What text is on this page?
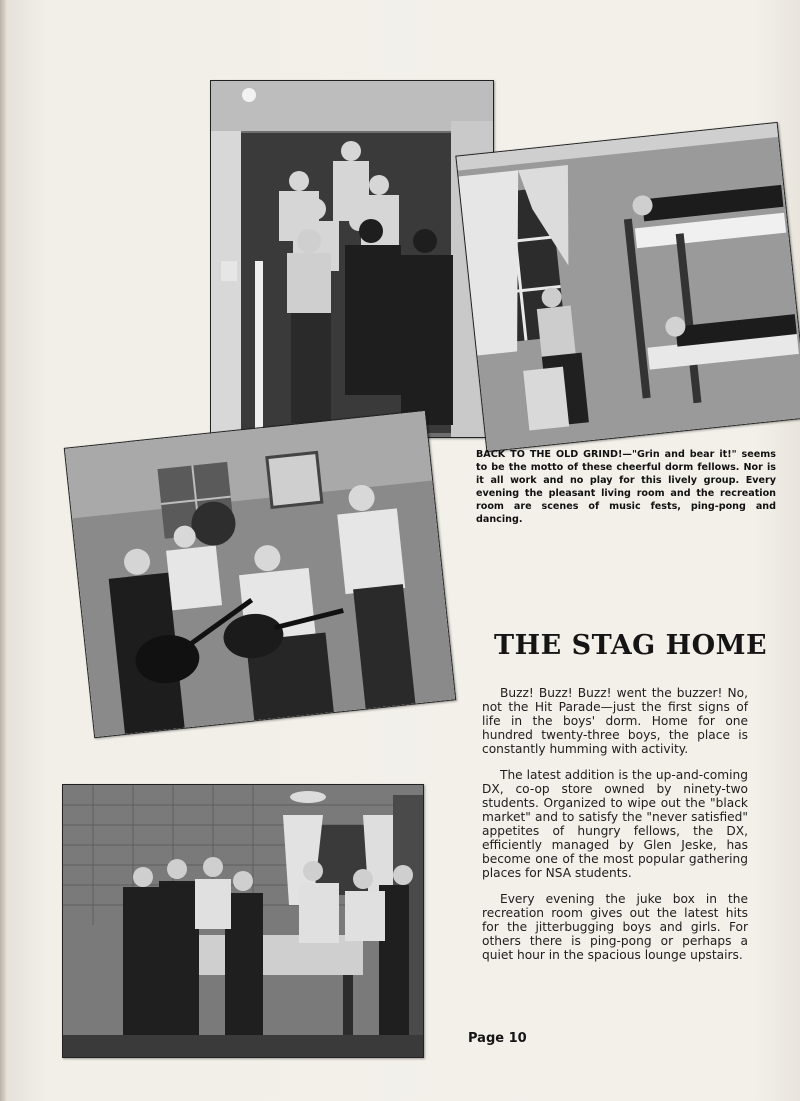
BACK TO THE OLD GRIND!—"Grin and bear it!" seems to be the motto of these cheerful dorm fellows. Nor is it all work and no play for this lively group. Every evening the pleasant living room and the recreation room are scenes of music fests, ping-pong and dancing.
THE STAG HOME

Buzz! Buzz! Buzz! went the buzzer! No, not the Hit Parade—just the first signs of life in the boys' dorm. Home for one hundred twenty-three boys, the place is constantly humming with activity.

The latest addition is the up-and-coming DX, co-op store owned by ninety-two students. Organized to wipe out the "black market" and to satisfy the "never satisfied" appetites of hungry fellows, the DX, efficiently managed by Glen Jeske, has become one of the most popular gathering places for NSA students.

Every evening the juke box in the recreation room gives out the latest hits for the jitterbugging boys and girls. For others there is ping-pong or perhaps a quiet hour in the spacious lounge upstairs.

Page 10
